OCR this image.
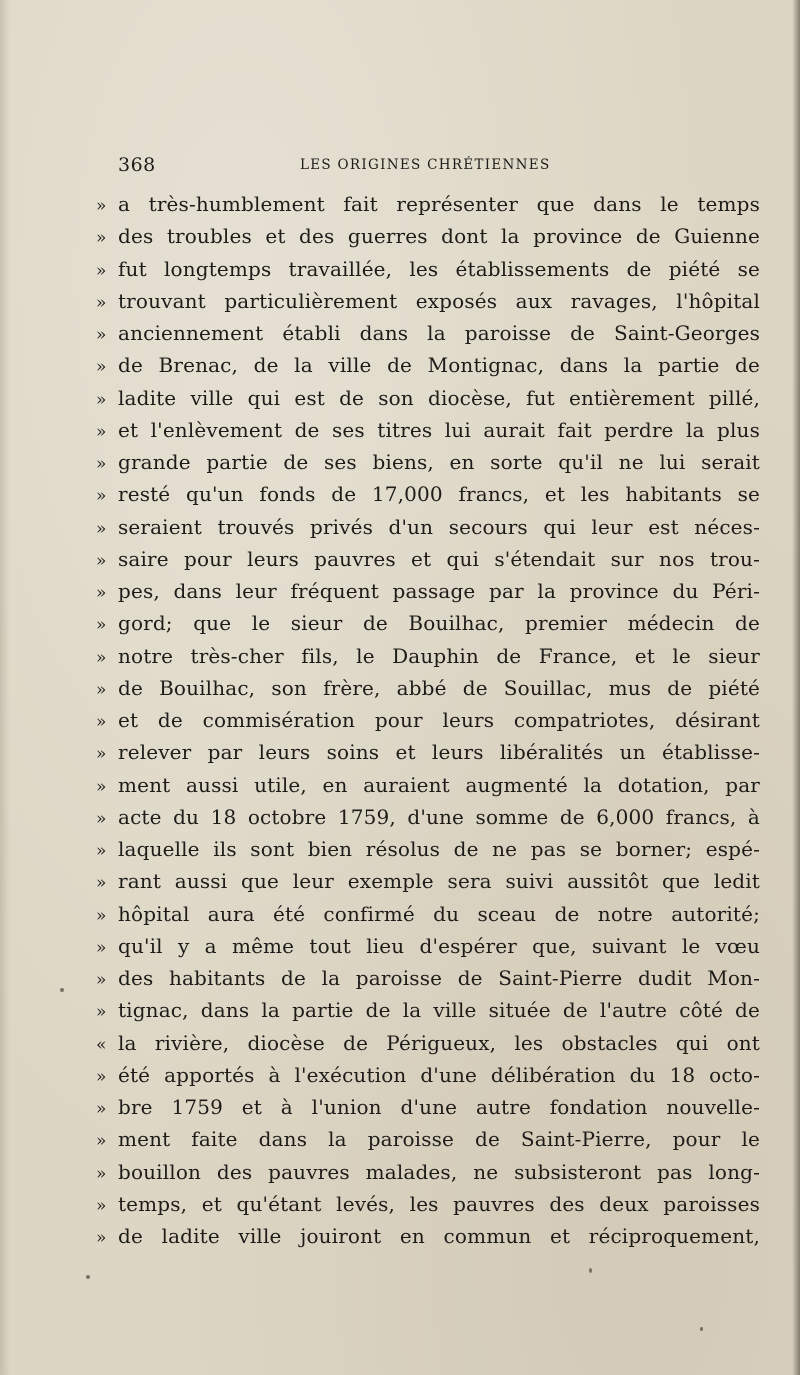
368	LES ORIGINES CHRÉTIENNES
» a très-humblement fait représenter que dans le temps
» des troubles et des guerres dont la province de Guienne
» fut longtemps travaillée, les établissements de piété se
» trouvant particulièrement exposés aux ravages, l'hôpital
» anciennement établi dans la paroisse de Saint-Georges
» de Brenac, de la ville de Montignac, dans la partie de
» ladite ville qui est de son diocèse, fut entièrement pillé,
» et l'enlèvement de ses titres lui aurait fait perdre la plus
» grande partie de ses biens, en sorte qu'il ne lui serait
» resté qu'un fonds de 17,000 francs, et les habitants se
» seraient trouvés privés d'un secours qui leur est néces-
» saire pour leurs pauvres et qui s'étendait sur nos trou-
» pes, dans leur fréquent passage par la province du Péri-
» gord; que le sieur de Bouilhac, premier médecin de
» notre très-cher fils, le Dauphin de France, et le sieur
» de Bouilhac, son frère, abbé de Souillac, mus de piété
» et de commisération pour leurs compatriotes, désirant
» relever par leurs soins et leurs libéralités un établisse-
» ment aussi utile, en auraient augmenté la dotation, par
» acte du 18 octobre 1759, d'une somme de 6,000 francs, à
» laquelle ils sont bien résolus de ne pas se borner; espé-
» rant aussi que leur exemple sera suivi aussitôt que ledit
» hôpital aura été confirmé du sceau de notre autorité;
» qu'il y a même tout lieu d'espérer que, suivant le vœu
» des habitants de la paroisse de Saint-Pierre dudit Mon-
» tignac, dans la partie de la ville située de l'autre côté de
« la rivière, diocèse de Périgueux, les obstacles qui ont
» été apportés à l'exécution d'une délibération du 18 octo-
» bre 1759 et à l'union d'une autre fondation nouvelle-
» ment faite dans la paroisse de Saint-Pierre, pour le
» bouillon des pauvres malades, ne subsisteront pas long-
» temps, et qu'étant levés, les pauvres des deux paroisses
» de ladite ville jouiront en commun et réciproquement,
